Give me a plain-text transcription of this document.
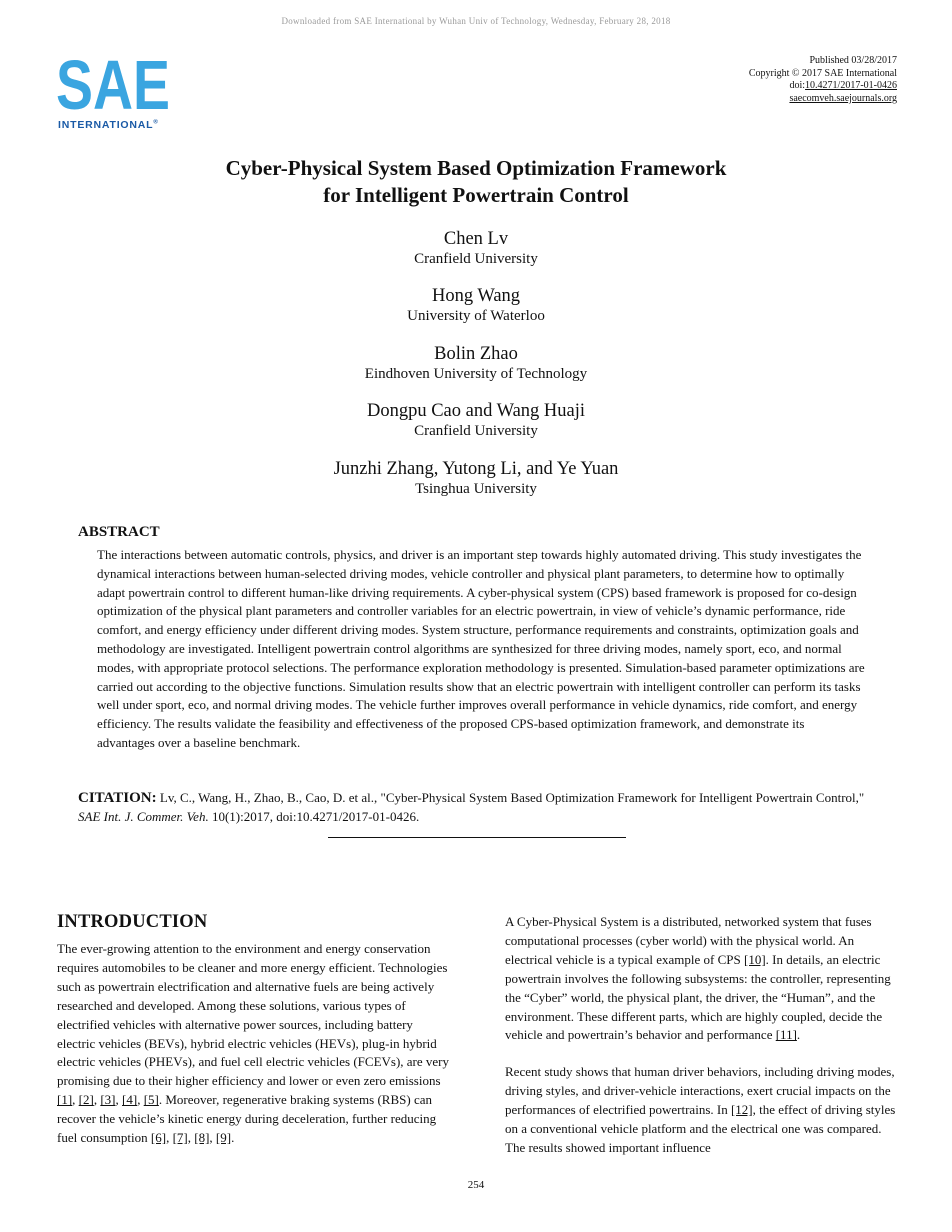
Downloaded from SAE International by Wuhan Univ of Technology, Wednesday, February 28, 2018
SAE
INTERNATIONAL®
Published 03/28/2017
Copyright © 2017 SAE International
doi:10.4271/2017-01-0426
saecomveh.saejournals.org
Cyber-Physical System Based Optimization Framework
for Intelligent Powertrain Control
Chen Lv
Cranfield University
Hong Wang
University of Waterloo
Bolin Zhao
Eindhoven University of Technology
Dongpu Cao and Wang Huaji
Cranfield University
Junzhi Zhang, Yutong Li, and Ye Yuan
Tsinghua University
ABSTRACT
The interactions between automatic controls, physics, and driver is an important step towards highly automated driving. This study investigates the dynamical interactions between human-selected driving modes, vehicle controller and physical plant parameters, to determine how to optimally adapt powertrain control to different human-like driving requirements. A cyber-physical system (CPS) based framework is proposed for co-design optimization of the physical plant parameters and controller variables for an electric powertrain, in view of vehicle’s dynamic performance, ride comfort, and energy efficiency under different driving modes. System structure, performance requirements and constraints, optimization goals and methodology are investigated. Intelligent powertrain control algorithms are synthesized for three driving modes, namely sport, eco, and normal modes, with appropriate protocol selections. The performance exploration methodology is presented. Simulation-based parameter optimizations are carried out according to the objective functions. Simulation results show that an electric powertrain with intelligent controller can perform its tasks well under sport, eco, and normal driving modes. The vehicle further improves overall performance in vehicle dynamics, ride comfort, and energy efficiency. The results validate the feasibility and effectiveness of the proposed CPS-based optimization framework, and demonstrate its advantages over a baseline benchmark.
CITATION: Lv, C., Wang, H., Zhao, B., Cao, D. et al., "Cyber-Physical System Based Optimization Framework for Intelligent Powertrain Control," SAE Int. J. Commer. Veh. 10(1):2017, doi:10.4271/2017-01-0426.
INTRODUCTION

The ever-growing attention to the environment and energy conservation requires automobiles to be cleaner and more energy efficient. Technologies such as powertrain electrification and alternative fuels are being actively researched and developed. Among these solutions, various types of electrified vehicles with alternative power sources, including battery electric vehicles (BEVs), hybrid electric vehicles (HEVs), plug-in hybrid electric vehicles (PHEVs), and fuel cell electric vehicles (FCEVs), are very promising due to their higher efficiency and lower or even zero emissions [1], [2], [3], [4], [5]. Moreover, regenerative braking systems (RBS) can recover the vehicle’s kinetic energy during deceleration, further reducing fuel consumption [6], [7], [8], [9].

A Cyber-Physical System is a distributed, networked system that fuses computational processes (cyber world) with the physical world. An electrical vehicle is a typical example of CPS [10]. In details, an electric powertrain involves the following subsystems: the controller, representing the “Cyber” world, the physical plant, the driver, the “Human”, and the environment. These different parts, which are highly coupled, decide the vehicle and powertrain’s behavior and performance [11].

Recent study shows that human driver behaviors, including driving modes, driving styles, and driver-vehicle interactions, exert crucial impacts on the performances of electrified powertrains. In [12], the effect of driving styles on a conventional vehicle platform and the electrical one was compared. The results showed important influence

254
